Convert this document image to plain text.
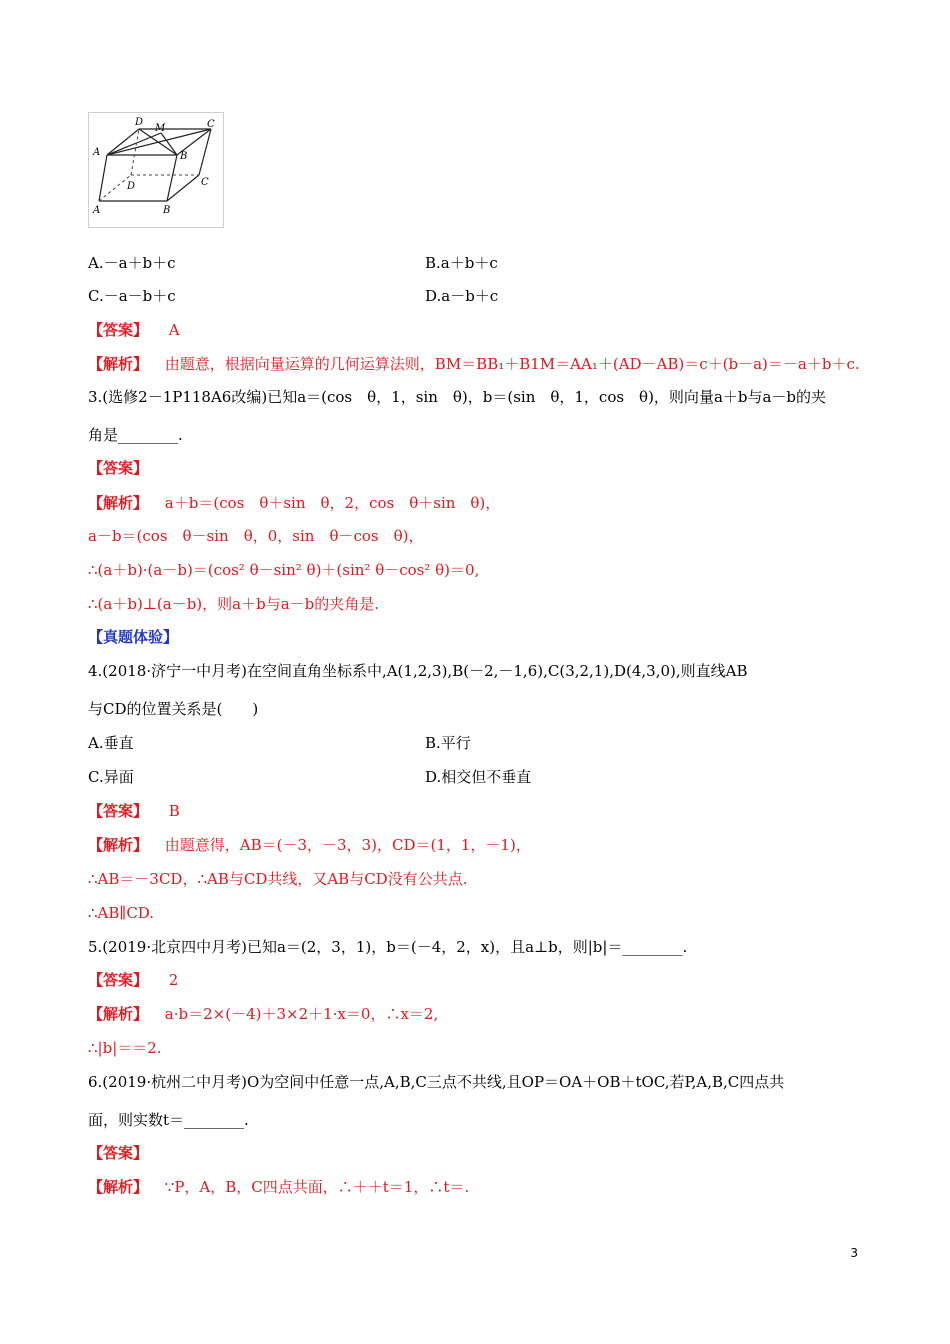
A	B
C
D
A	B
C
D
M
A.－a＋b＋c	B.a＋b＋c
C.－a－b＋c	D.a－b＋c
【答案】 A
【解析】 由题意，根据向量运算的几何运算法则，BM＝BB₁＋B1M＝AA₁＋(AD－AB)＝c＋(b－a)＝－a＋b＋c.
3.(选修2－1P118A6改编)已知a＝(cos　θ，1，sin　θ)，b＝(sin　θ，1，cos　θ)，则向量a＋b与a－b的夹
角是________.
【答案】
【解析】 a＋b＝(cos　θ＋sin　θ，2，cos　θ＋sin　θ)，
a－b＝(cos　θ－sin　θ，0，sin　θ－cos　θ)，
∴(a＋b)·(a－b)＝(cos² θ－sin² θ)＋(sin² θ－cos² θ)＝0,
∴(a＋b)⊥(a－b)，则a＋b与a－b的夹角是.
【真题体验】
4.(2018·济宁一中月考)在空间直角坐标系中,A(1,2,3),B(－2,－1,6),C(3,2,1),D(4,3,0),则直线AB
与CD的位置关系是(　　)
A.垂直	B.平行
C.异面	D.相交但不垂直
【答案】 B
【解析】 由题意得，AB＝(－3，－3，3)，CD＝(1，1，－1)，
∴AB＝－3CD，∴AB与CD共线，又AB与CD没有公共点.
∴AB∥CD.
5.(2019·北京四中月考)已知a＝(2，3，1)，b＝(－4，2，x)，且a⊥b，则|b|＝________.
【答案】 2
【解析】 a·b＝2×(－4)＋3×2＋1·x＝0，∴x＝2,
∴|b|＝＝2.
6.(2019·杭州二中月考)O为空间中任意一点,A,B,C三点不共线,且OP＝OA＋OB＋tOC,若P,A,B,C四点共
面，则实数t＝________.
【答案】
【解析】 ∵P，A，B，C四点共面，∴＋＋t＝1，∴t＝.
3
